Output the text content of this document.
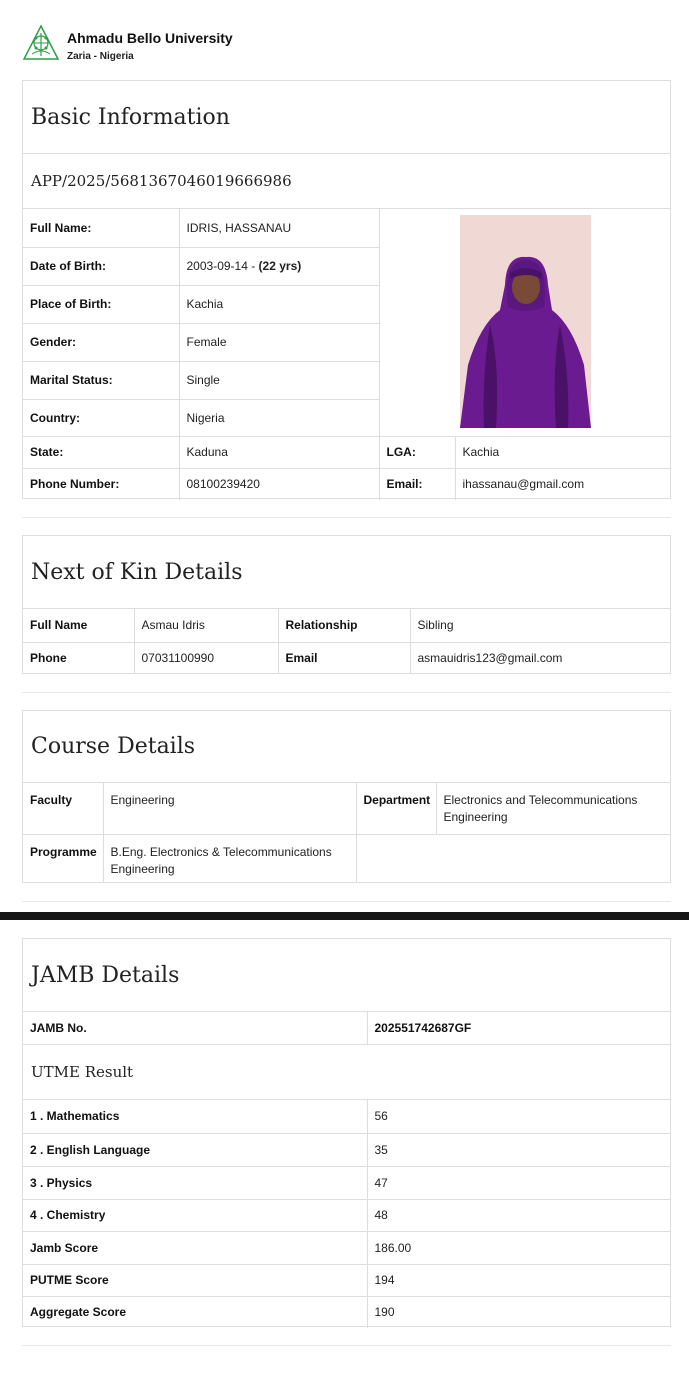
Ahmadu Bello University
Zaria - Nigeria
Basic Information
APP/2025/5681367046019666986
Full Name:	IDRIS, HASSANAU	

Date of Birth:	2003-09-14 - (22 yrs)		
Place of Birth:	Kachia		
Gender:	Female		
Marital Status:	Single		
Country:	Nigeria		
State:	Kaduna	LGA:	Kachia
Phone Number:	08100239420	Email:	ihassanau@gmail.com
Next of Kin Details
Full Name	Asmau Idris	Relationship	Sibling
Phone	07031100990	Email	asmauidris123@gmail.com
Course Details
Faculty	Engineering	Department	Electronics and Telecommunications Engineering
Programme	B.Eng. Electronics & Telecommunications Engineering		
JAMB Details
JAMB No.	202551742687GF
UTME Result
1 . Mathematics	56
2 . English Language	35
3 . Physics	47
4 . Chemistry	48
Jamb Score	186.00
PUTME Score	194
Aggregate Score	190
